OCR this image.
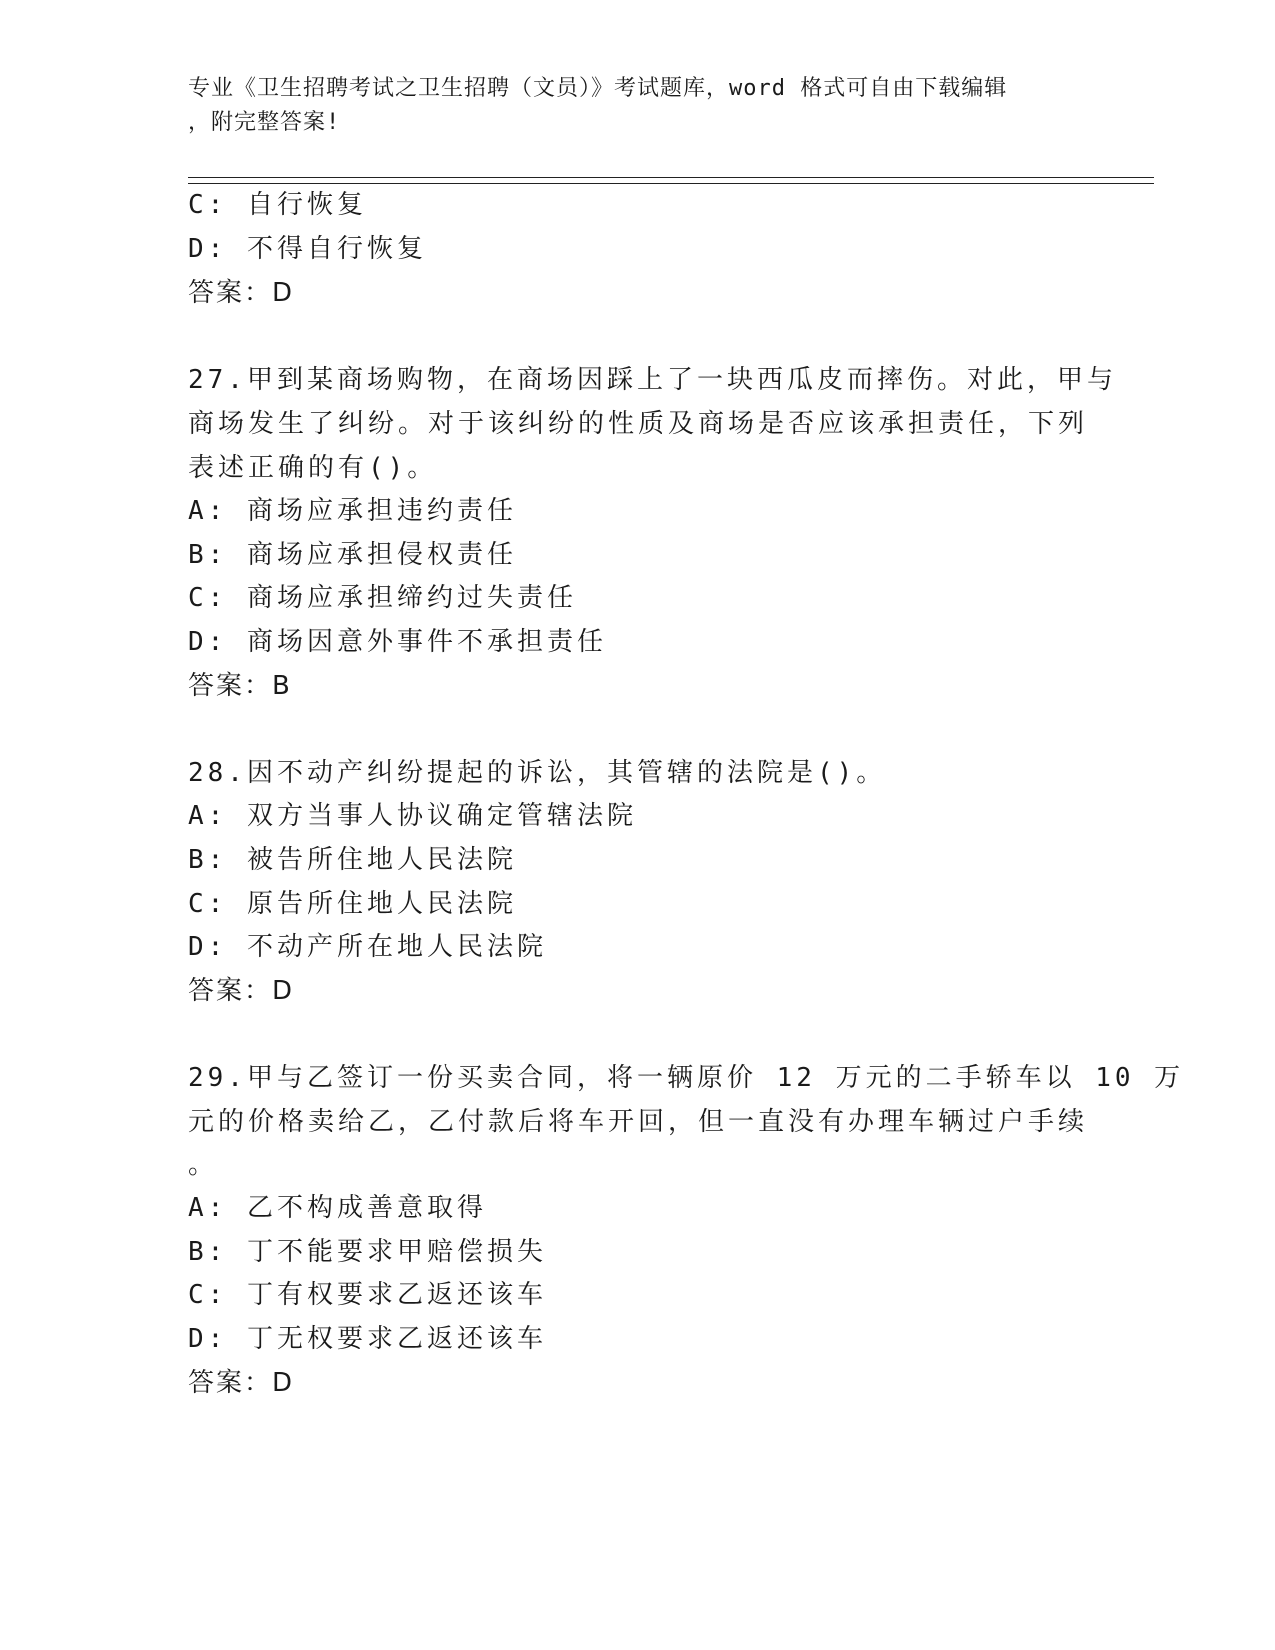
专业《卫生招聘考试之卫生招聘（文员）》考试题库，word 格式可自由下载编辑
，附完整答案!
C: 自行恢复
D: 不得自行恢复
答案：D
27.甲到某商场购物，在商场因踩上了一块西瓜皮而摔伤。对此，甲与
商场发生了纠纷。对于该纠纷的性质及商场是否应该承担责任，下列
表述正确的有()。
A: 商场应承担违约责任
B: 商场应承担侵权责任
C: 商场应承担缔约过失责任
D: 商场因意外事件不承担责任
答案：B
28.因不动产纠纷提起的诉讼，其管辖的法院是()。
A: 双方当事人协议确定管辖法院
B: 被告所住地人民法院
C: 原告所住地人民法院
D: 不动产所在地人民法院
答案：D
29.甲与乙签订一份买卖合同，将一辆原价 12 万元的二手轿车以 10 万
元的价格卖给乙，乙付款后将车开回，但一直没有办理车辆过户手续
。
A: 乙不构成善意取得
B: 丁不能要求甲赔偿损失
C: 丁有权要求乙返还该车
D: 丁无权要求乙返还该车
答案：D
